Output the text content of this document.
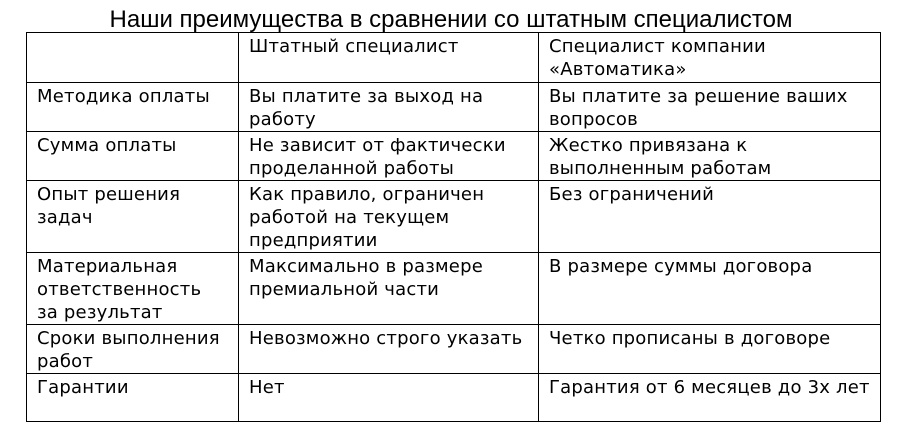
Наши преимущества в сравнении со штатным специалистом
	Штатный специалист	Специалист компании «Автоматика»
Методика оплаты	Вы платите за выход на работу	Вы платите за решение ваших вопросов
Сумма оплаты	Не зависит от фактически проделанной работы	Жестко привязана к выполненным работам
Опыт решения задач	Как правило, ограничен работой на текущем предприятии	Без ограничений
Материальная ответственность за результат	Максимально в размере премиальной части	В размере суммы договора
Сроки выполнения работ	Невозможно строго указать	Четко прописаны в договоре
Гарантии	Нет	Гарантия от 6 месяцев до 3х лет
